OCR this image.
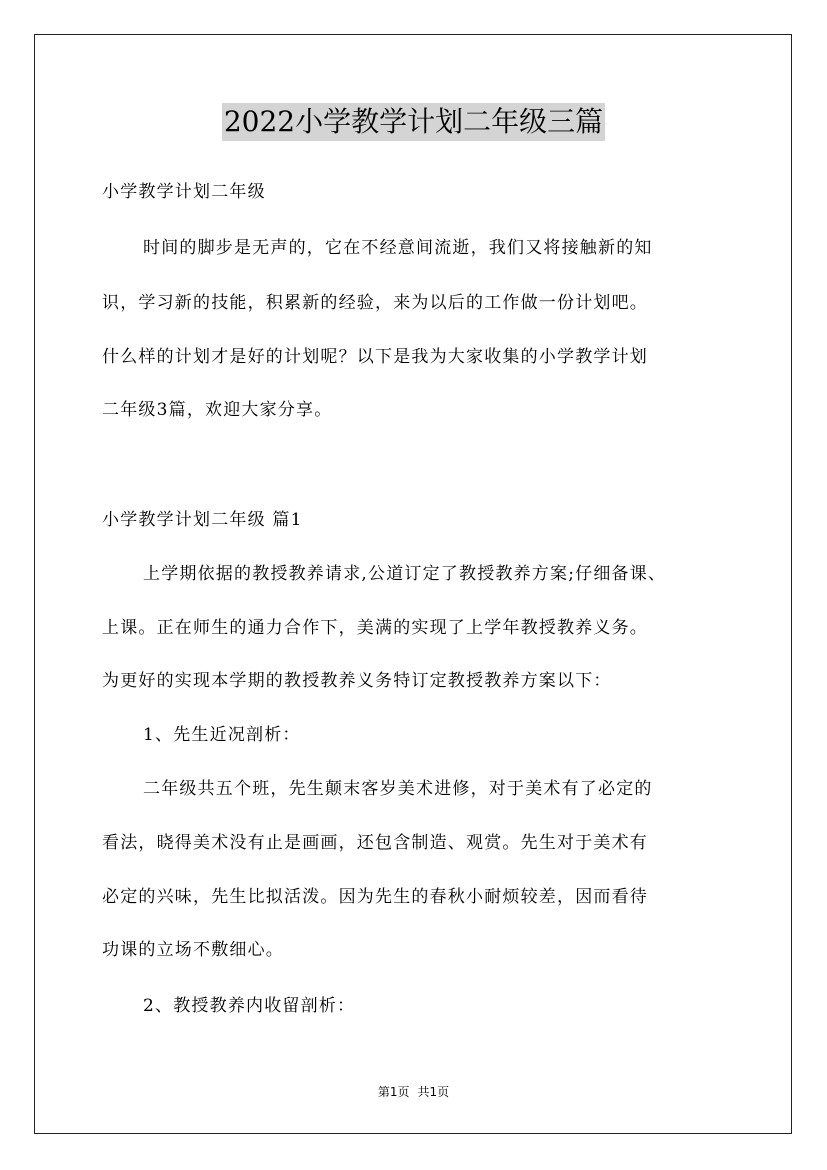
2022小学教学计划二年级三篇
小学教学计划二年级
时间的脚步是无声的，它在不经意间流逝，我们又将接触新的知
识，学习新的技能，积累新的经验，来为以后的工作做一份计划吧。
什么样的计划才是好的计划呢？以下是我为大家收集的小学教学计划
二年级3篇，欢迎大家分享。
小学教学计划二年级 篇1
上学期依据的教授教养请求,公道订定了教授教养方案;仔细备课、
上课。正在师生的通力合作下，美满的实现了上学年教授教养义务。
为更好的实现本学期的教授教养义务特订定教授教养方案以下：
1、先生近况剖析：
二年级共五个班，先生颠末客岁美术进修，对于美术有了必定的
看法，晓得美术没有止是画画，还包含制造、观赏。先生对于美术有
必定的兴味，先生比拟活泼。因为先生的春秋小耐烦较差，因而看待
功课的立场不敷细心。
2、教授教养内收留剖析：
第1页 共1页
